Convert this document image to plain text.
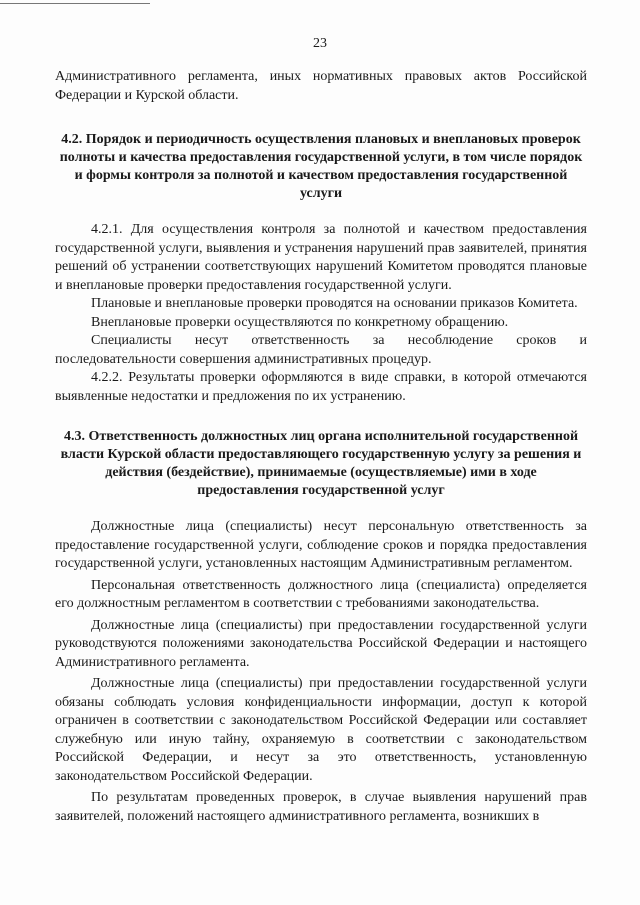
23

Административного регламента, иных нормативных правовых актов Российской Федерации и Курской области.

4.2. Порядок и периодичность осуществления плановых и внеплановых проверок полноты и качества предоставления государственной услуги, в том числе порядок и формы контроля за полнотой и качеством предоставления государственной услуги

4.2.1. Для осуществления контроля за полнотой и качеством предоставления государственной услуги, выявления и устранения нарушений прав заявителей, принятия решений об устранении соответствующих нарушений Комитетом проводятся плановые и внеплановые проверки предоставления государственной услуги.

Плановые и внеплановые проверки проводятся на основании приказов Комитета.

Внеплановые проверки осуществляются по конкретному обращению.

Специалисты несут ответственность за несоблюдение сроков и последовательности совершения административных процедур.

4.2.2. Результаты проверки оформляются в виде справки, в которой отмечаются выявленные недостатки и предложения по их устранению.

4.3. Ответственность должностных лиц органа исполнительной государственной власти Курской области предоставляющего государственную услугу за решения и действия (бездействие), принимаемые (осуществляемые) ими в ходе предоставления государственной услуг

Должностные лица (специалисты) несут персональную ответственность за предоставление государственной услуги, соблюдение сроков и порядка предоставления государственной услуги, установленных настоящим Административным регламентом.

Персональная ответственность должностного лица (специалиста) определяется его должностным регламентом в соответствии с требованиями законодательства.

Должностные лица (специалисты) при предоставлении государственной услуги руководствуются положениями законодательства Российской Федерации и настоящего Административного регламента.

Должностные лица (специалисты) при предоставлении государственной услуги обязаны соблюдать условия конфиденциальности информации, доступ к которой ограничен в соответствии с законодательством Российской Федерации или составляет служебную или иную тайну, охраняемую в соответствии с законодательством Российской Федерации, и несут за это ответственность, установленную законодательством Российской Федерации.

По результатам проведенных проверок, в случае выявления нарушений прав заявителей, положений настоящего административного регламента, возникших в
